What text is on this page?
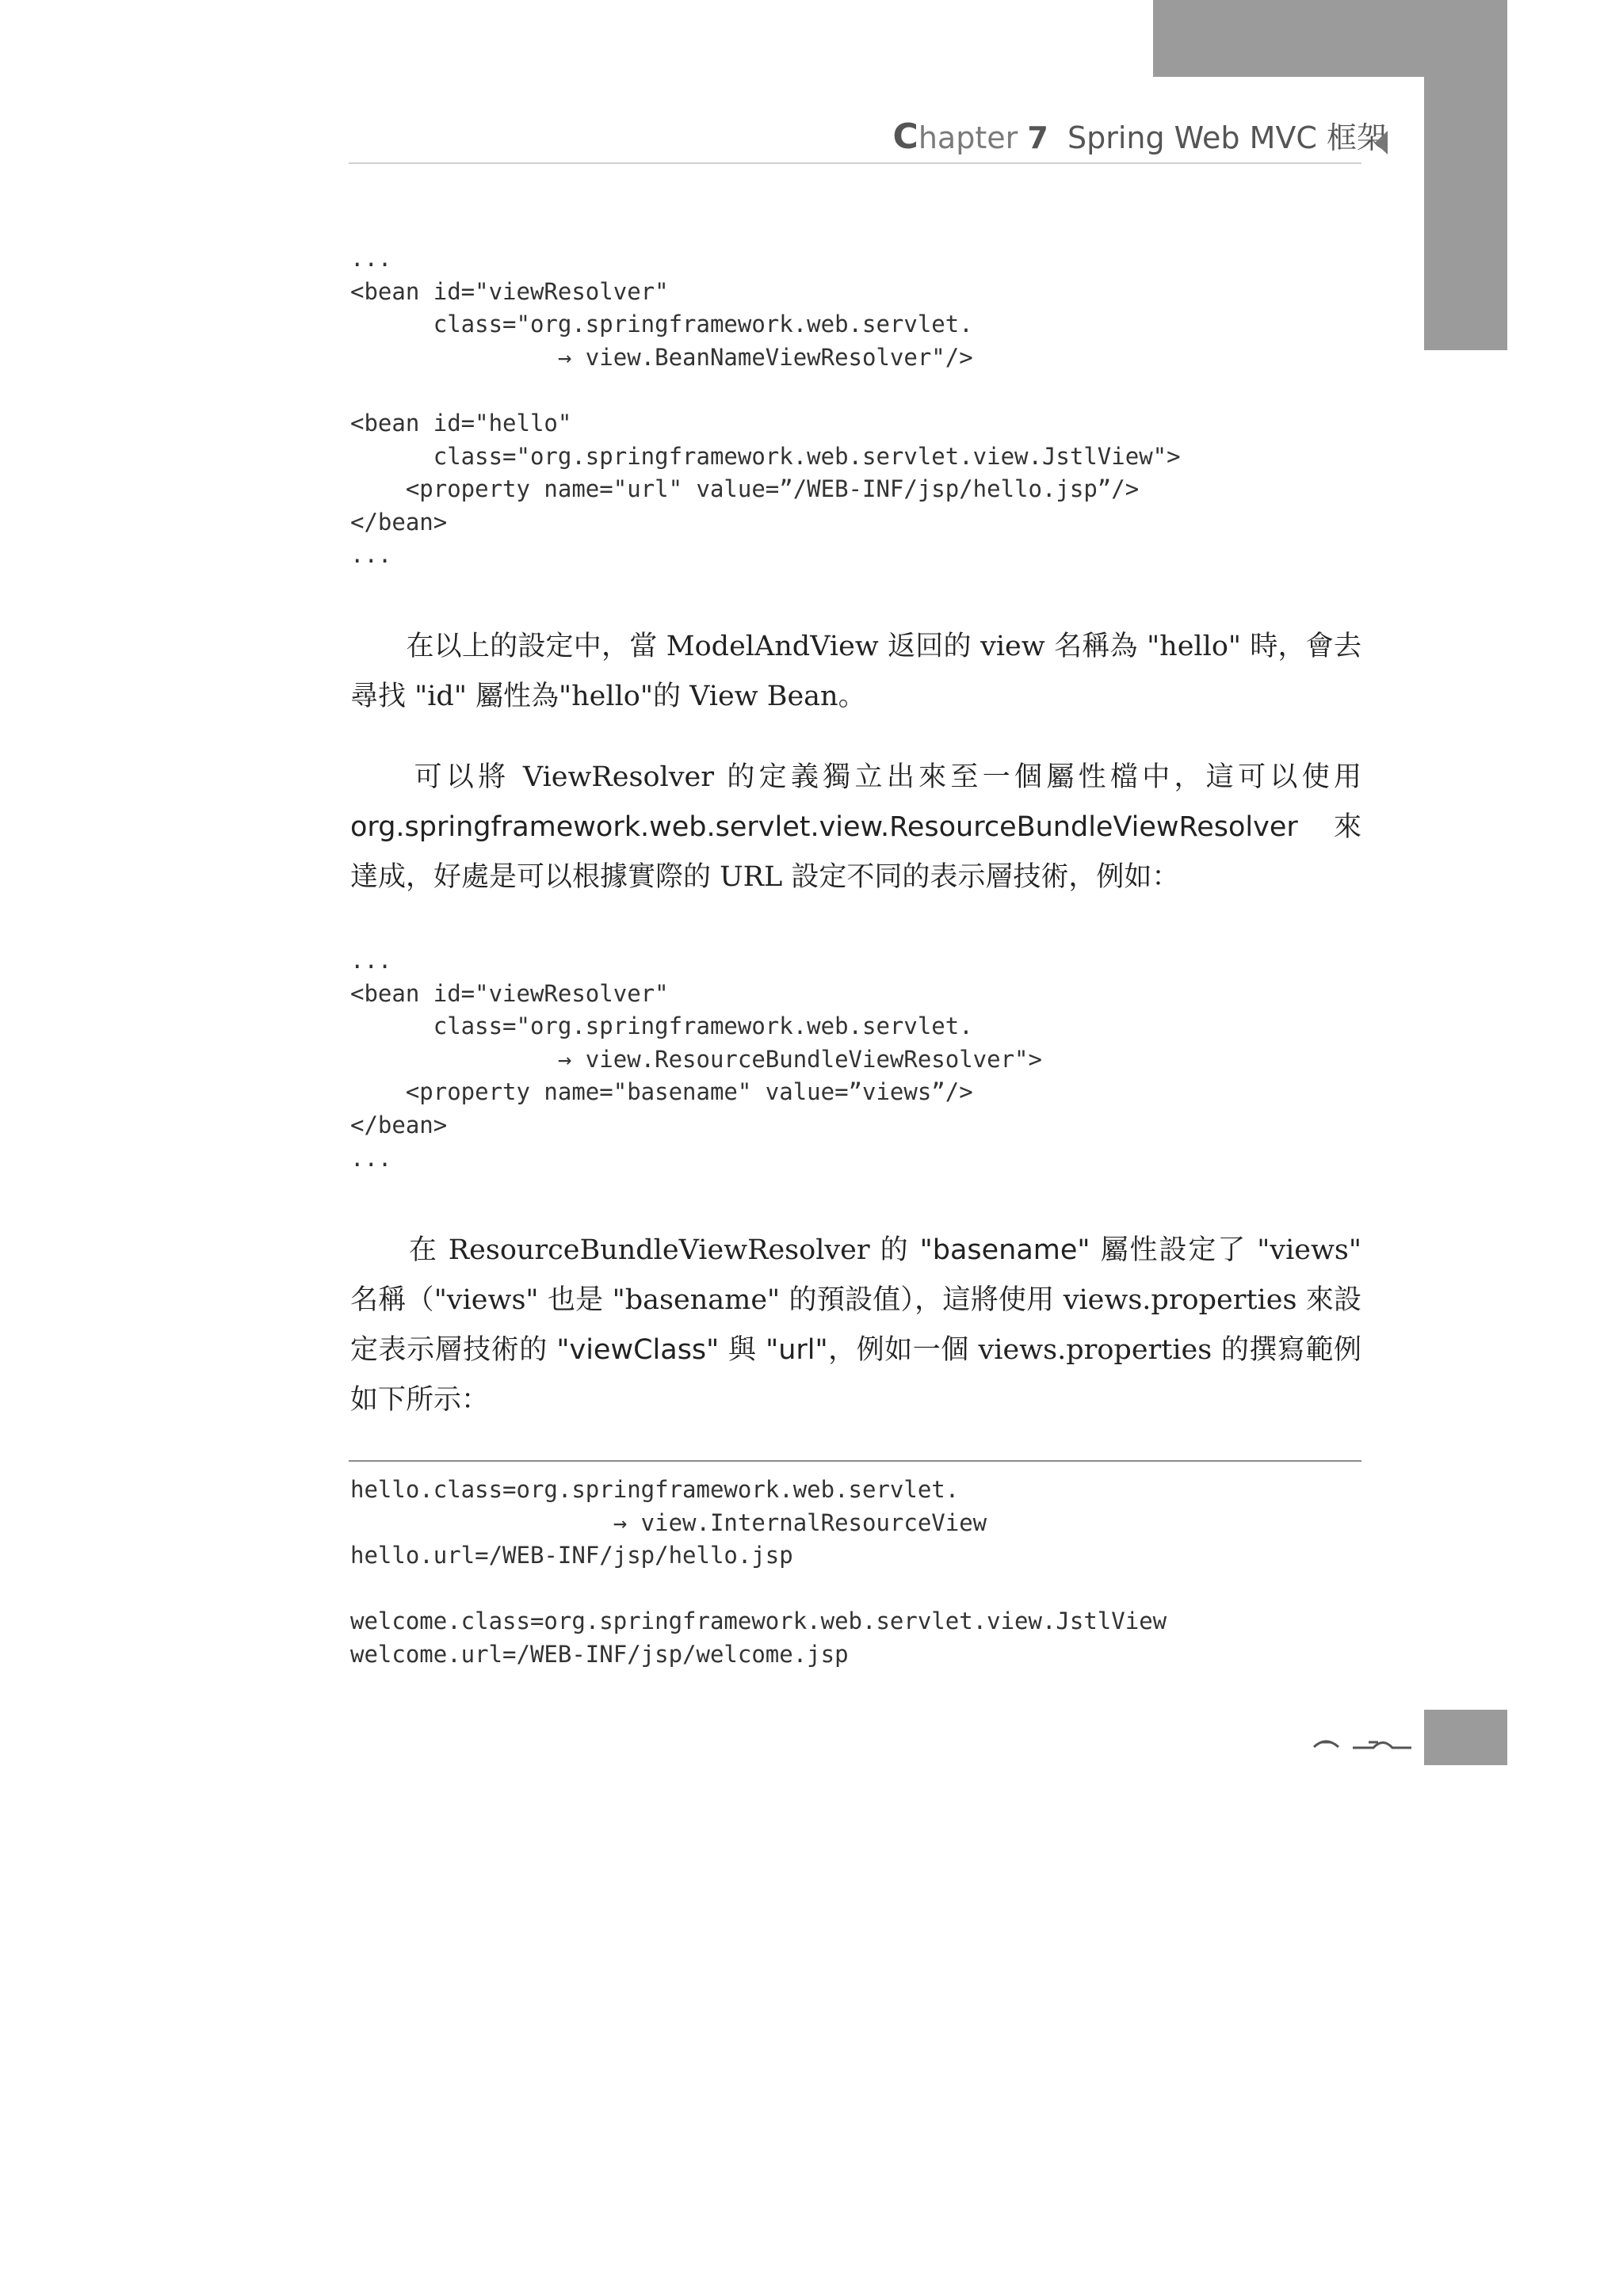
Chapter 7 Spring Web MVC 框架
...
<bean id="viewResolver"
class="org.springframework.web.servlet.
→ view.BeanNameViewResolver"/>

<bean id="hello"
class="org.springframework.web.servlet.view.JstlView">
<property name="url" value=”/WEB-INF/jsp/hello.jsp”/>
</bean>
...

　　在以上的設定中，當 ModelAndView 返回的 view 名稱為 "hello" 時，會去尋找 "id" 屬性為"hello"的 View Bean。

　　可以將 ViewResolver 的定義獨立出來至一個屬性檔中，這可以使用 org.springframework.web.servlet.view.ResourceBundleViewResolver 來達成，好處是可以根據實際的 URL 設定不同的表示層技術，例如：

...
<bean id="viewResolver"
class="org.springframework.web.servlet.
→ view.ResourceBundleViewResolver">
<property name="basename" value=”views”/>
</bean>
...

　　在 ResourceBundleViewResolver 的 "basename" 屬性設定了 "views" 名稱（"views" 也是 "basename" 的預設值），這將使用 views.properties 來設定表示層技術的 "viewClass" 與 "url"，例如一個 views.properties 的撰寫範例如下所示：

hello.class=org.springframework.web.servlet.
→ view.InternalResourceView
hello.url=/WEB-INF/jsp/hello.jsp

welcome.class=org.springframework.web.servlet.view.JstlView
welcome.url=/WEB-INF/jsp/welcome.jsp
